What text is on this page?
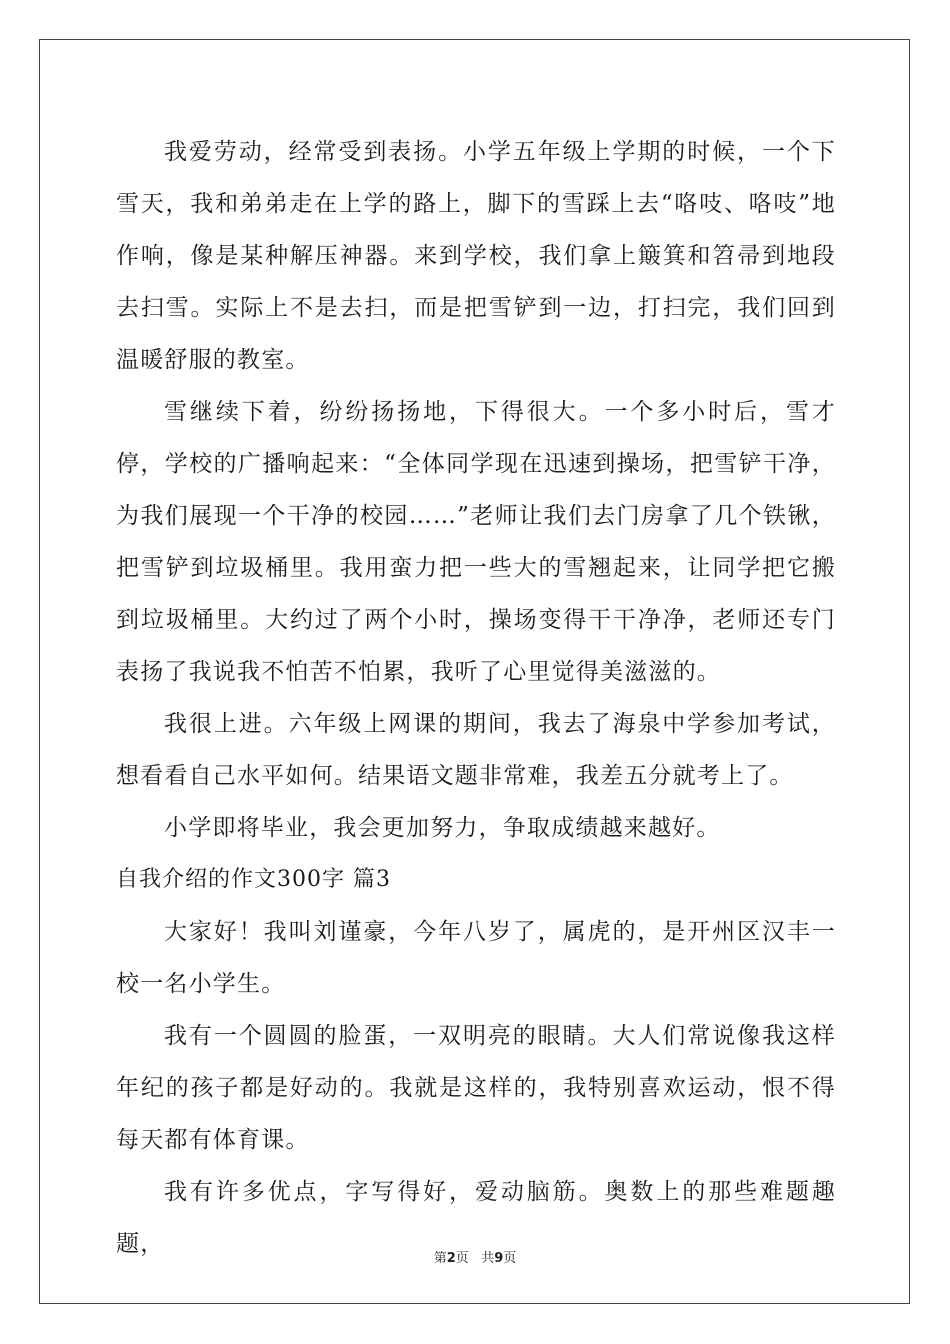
我爱劳动，经常受到表扬。小学五年级上学期的时候，一个下雪天，我和弟弟走在上学的路上，脚下的雪踩上去“咯吱、咯吱”地作响，像是某种解压神器。来到学校，我们拿上簸箕和笤帚到地段去扫雪。实际上不是去扫，而是把雪铲到一边，打扫完，我们回到温暖舒服的教室。

雪继续下着，纷纷扬扬地，下得很大。一个多小时后，雪才停，学校的广播响起来：“全体同学现在迅速到操场，把雪铲干净，为我们展现一个干净的校园……”老师让我们去门房拿了几个铁锹，把雪铲到垃圾桶里。我用蛮力把一些大的雪翘起来，让同学把它搬到垃圾桶里。大约过了两个小时，操场变得干干净净，老师还专门表扬了我说我不怕苦不怕累，我听了心里觉得美滋滋的。

我很上进。六年级上网课的期间，我去了海泉中学参加考试，想看看自己水平如何。结果语文题非常难，我差五分就考上了。

小学即将毕业，我会更加努力，争取成绩越来越好。

自我介绍的作文300字 篇3

大家好！我叫刘谨豪，今年八岁了，属虎的，是开州区汉丰一校一名小学生。

我有一个圆圆的脸蛋，一双明亮的眼睛。大人们常说像我这样年纪的孩子都是好动的。我就是这样的，我特别喜欢运动，恨不得每天都有体育课。

我有许多优点，字写得好，爱动脑筋。奥数上的那些难题趣题，

第2页 共9页
